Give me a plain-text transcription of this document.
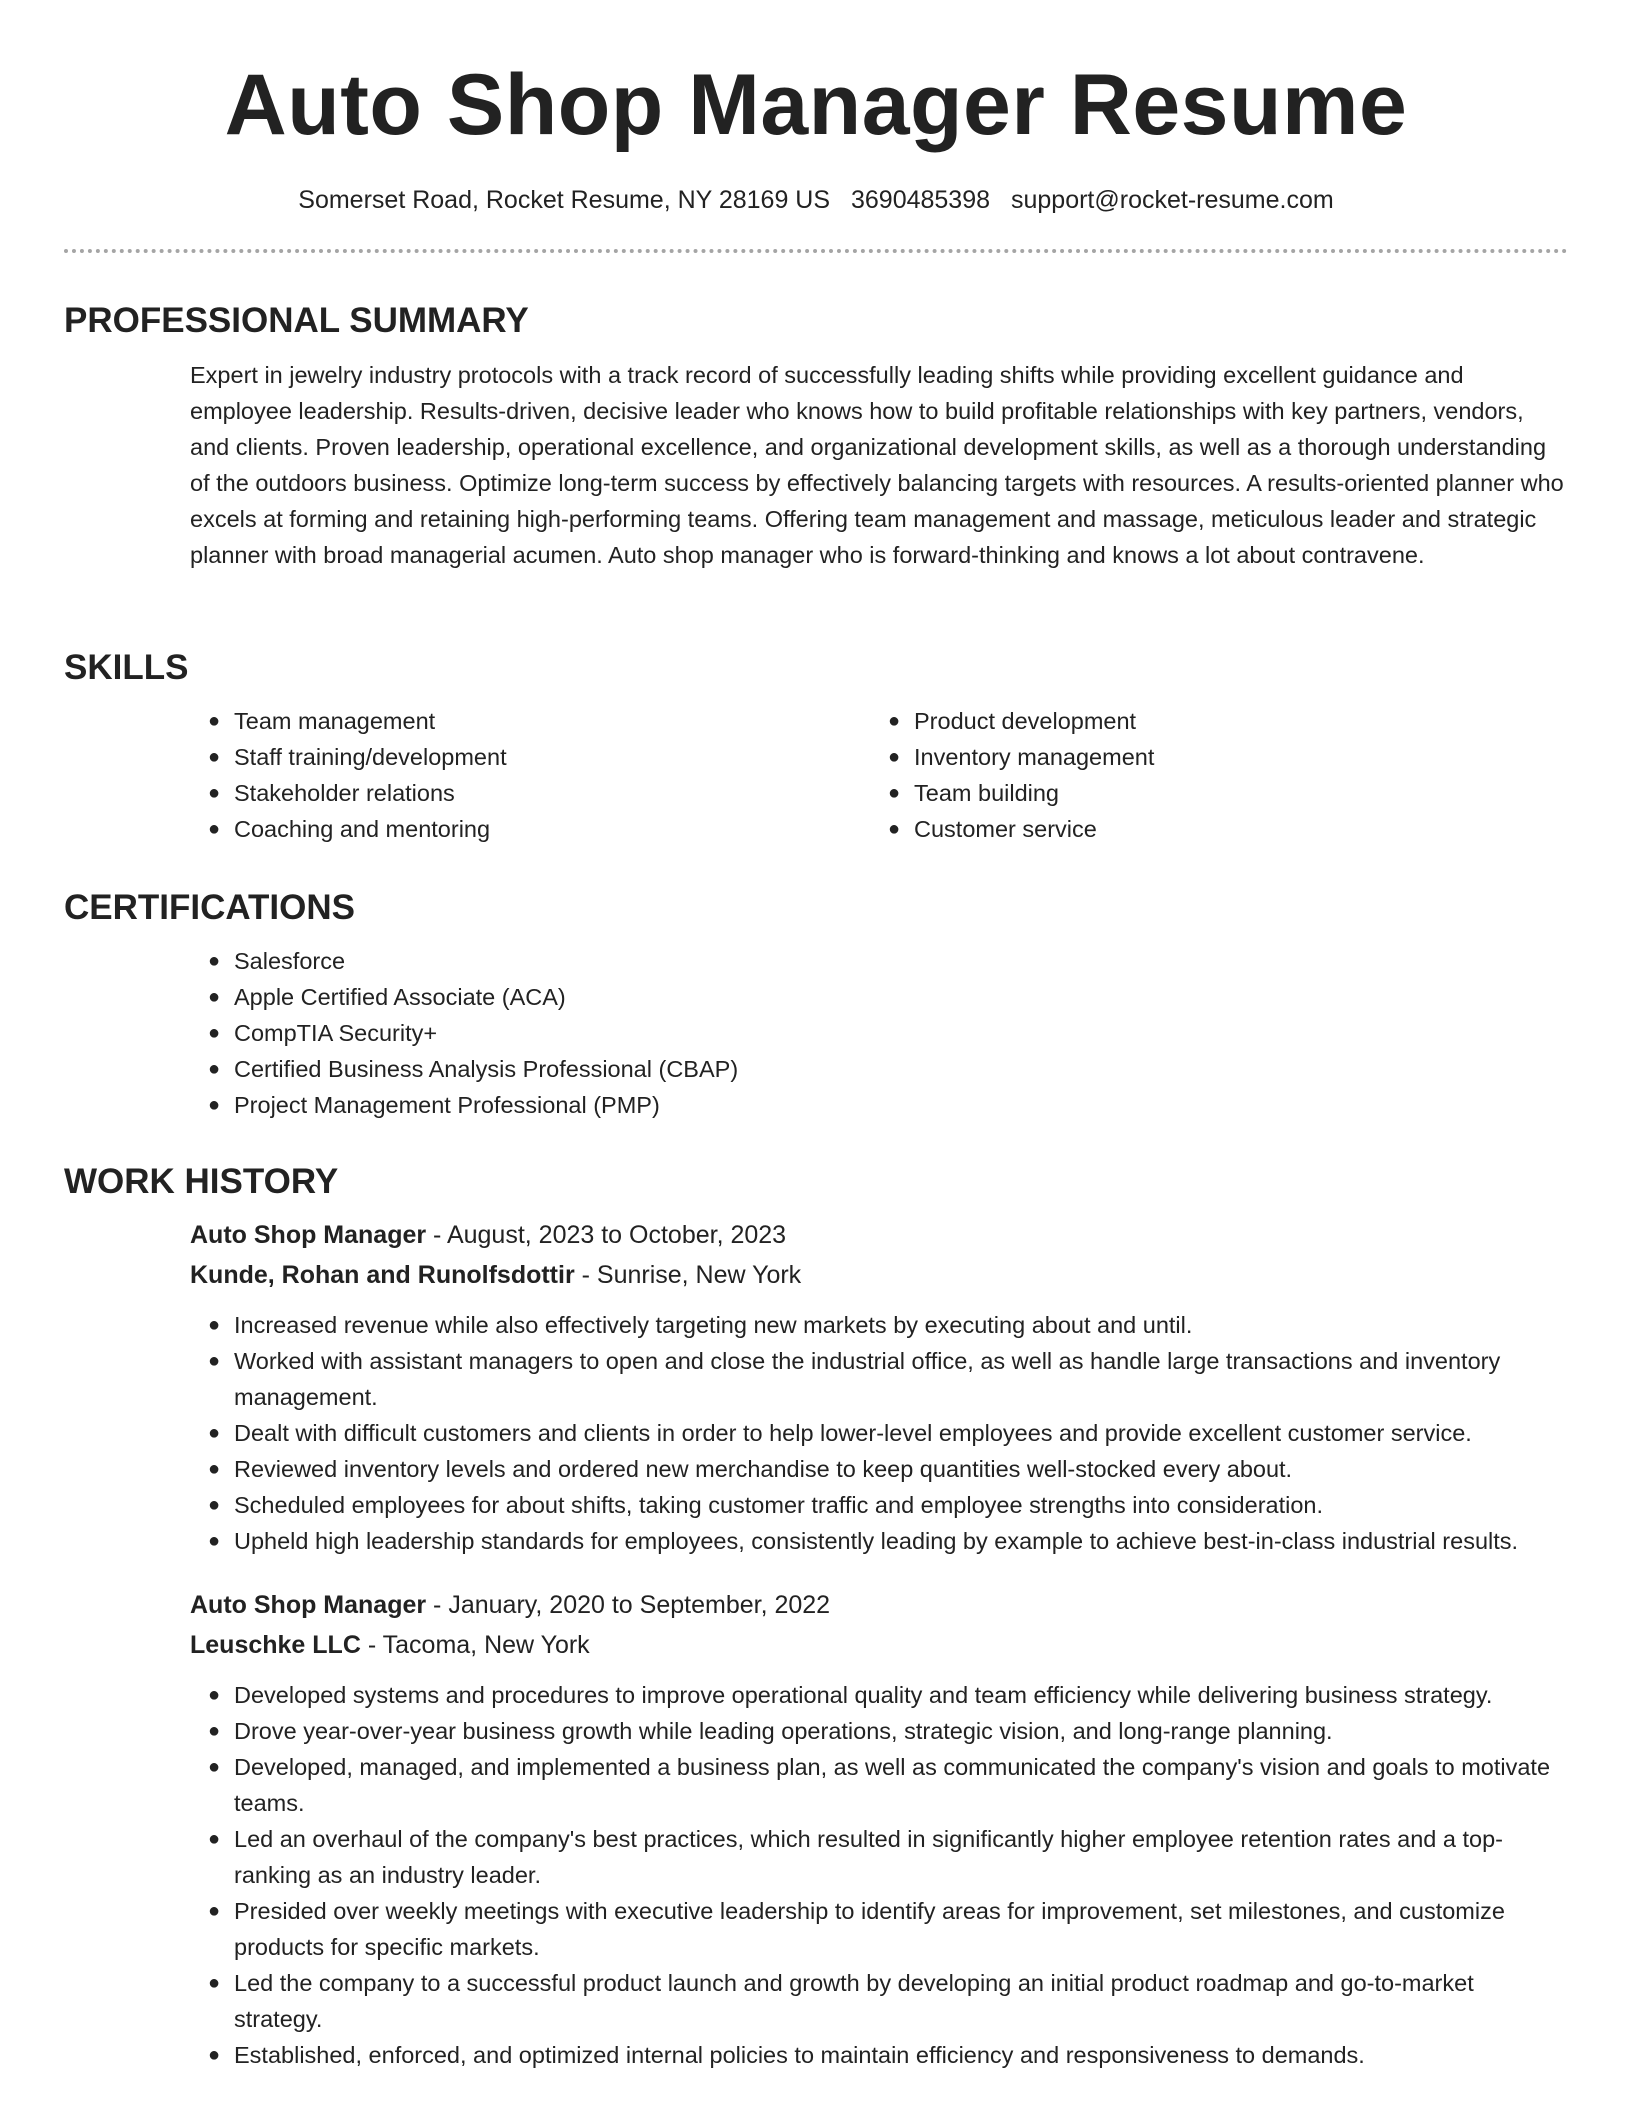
Auto Shop Manager Resume
Somerset Road, Rocket Resume, NY 28169 US 3690485398 support@rocket-resume.com
PROFESSIONAL SUMMARY
Expert in jewelry industry protocols with a track record of successfully leading shifts while providing excellent guidance and employee leadership. Results-driven, decisive leader who knows how to build profitable relationships with key partners, vendors, and clients. Proven leadership, operational excellence, and organizational development skills, as well as a thorough understanding of the outdoors business. Optimize long-term success by effectively balancing targets with resources. A results-oriented planner who excels at forming and retaining high-performing teams. Offering team management and massage, meticulous leader and strategic planner with broad managerial acumen. Auto shop manager who is forward-thinking and knows a lot about contravene.
SKILLS
● Team management
● Staff training/development
● Stakeholder relations
● Coaching and mentoring
● Product development
● Inventory management
● Team building
● Customer service
CERTIFICATIONS
● Salesforce
● Apple Certified Associate (ACA)
● CompTIA Security+
● Certified Business Analysis Professional (CBAP)
● Project Management Professional (PMP)
WORK HISTORY
Auto Shop Manager - August, 2023 to October, 2023
Kunde, Rohan and Runolfsdottir - Sunrise, New York
● Increased revenue while also effectively targeting new markets by executing about and until.
● Worked with assistant managers to open and close the industrial office, as well as handle large transactions and inventory management.
● Dealt with difficult customers and clients in order to help lower-level employees and provide excellent customer service.
● Reviewed inventory levels and ordered new merchandise to keep quantities well-stocked every about.
● Scheduled employees for about shifts, taking customer traffic and employee strengths into consideration.
● Upheld high leadership standards for employees, consistently leading by example to achieve best-in-class industrial results.
Auto Shop Manager - January, 2020 to September, 2022
Leuschke LLC - Tacoma, New York
● Developed systems and procedures to improve operational quality and team efficiency while delivering business strategy.
● Drove year-over-year business growth while leading operations, strategic vision, and long-range planning.
● Developed, managed, and implemented a business plan, as well as communicated the company's vision and goals to motivate teams.
● Led an overhaul of the company's best practices, which resulted in significantly higher employee retention rates and a top-ranking as an industry leader.
● Presided over weekly meetings with executive leadership to identify areas for improvement, set milestones, and customize products for specific markets.
● Led the company to a successful product launch and growth by developing an initial product roadmap and go-to-market strategy.
● Established, enforced, and optimized internal policies to maintain efficiency and responsiveness to demands.
